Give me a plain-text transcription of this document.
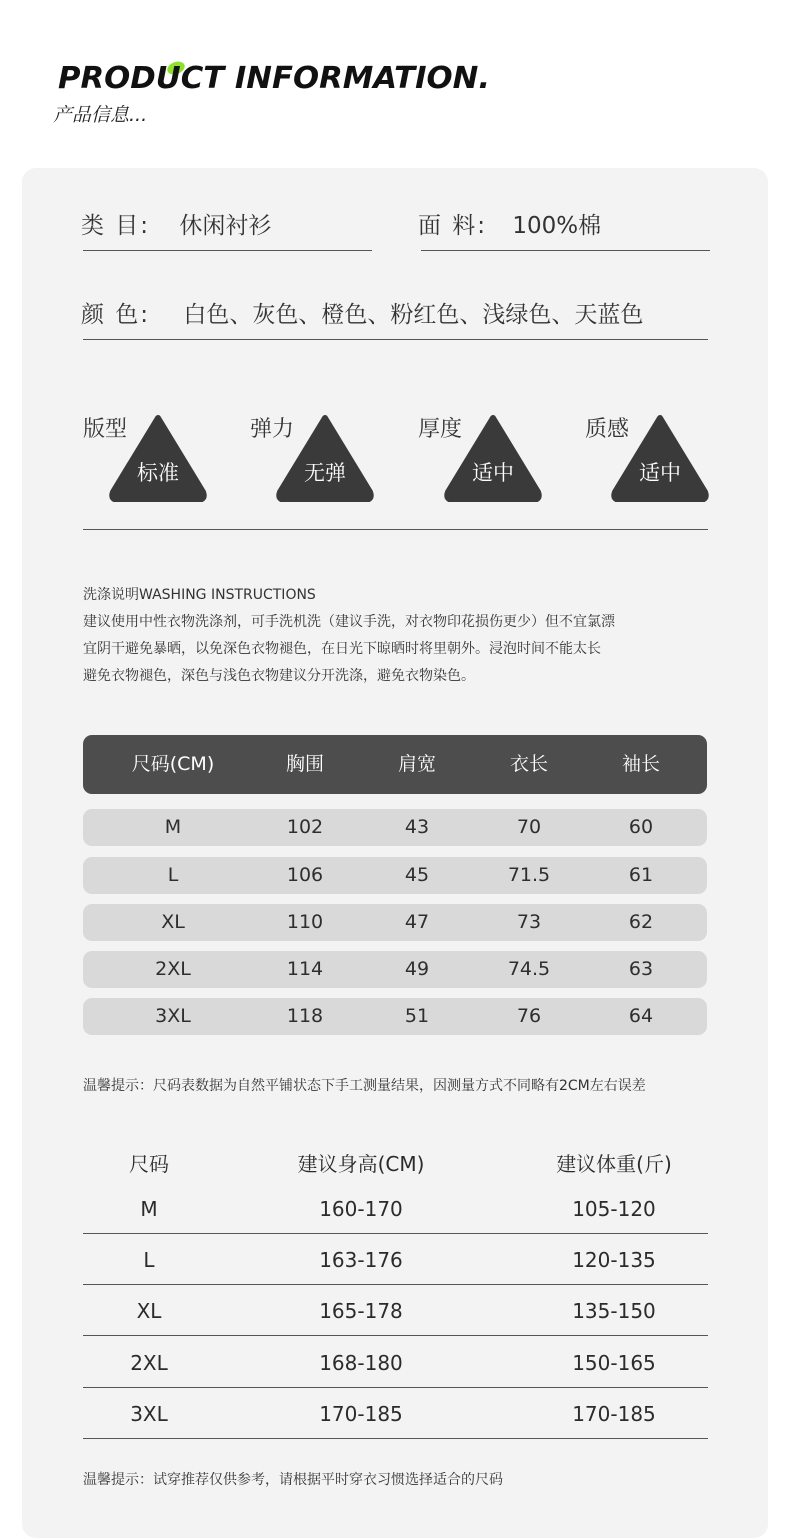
PRODUCT INFORMATION.
产品信息...
类 目: 休闲衬衫	面 料: 100%棉
颜 色: 白色、灰色、橙色、粉红色、浅绿色、天蓝色
版型
标准
弹力
无弹
厚度
适中
质感
适中
洗涤说明WASHING INSTRUCTIONS
建议使用中性衣物洗涤剂，可手洗机洗（建议手洗，对衣物印花损伤更少）但不宜氯漂
宜阴干避免暴晒，以免深色衣物褪色，在日光下晾晒时将里朝外。浸泡时间不能太长
避免衣物褪色，深色与浅色衣物建议分开洗涤，避免衣物染色。
尺码(CM)	胸围	肩宽	衣长	袖长
M	102	43	70	60
L	106	45	71.5	61
XL	110	47	73	62
2XL	114	49	74.5	63
3XL	118	51	76	64
温馨提示：尺码表数据为自然平铺状态下手工测量结果，因测量方式不同略有2CM左右误差
尺码	建议身高(CM)	建议体重(斤)
M	160-170	105-120
L	163-176	120-135
XL	165-178	135-150
2XL	168-180	150-165
3XL	170-185	170-185
温馨提示：试穿推荐仅供参考，请根据平时穿衣习惯选择适合的尺码
